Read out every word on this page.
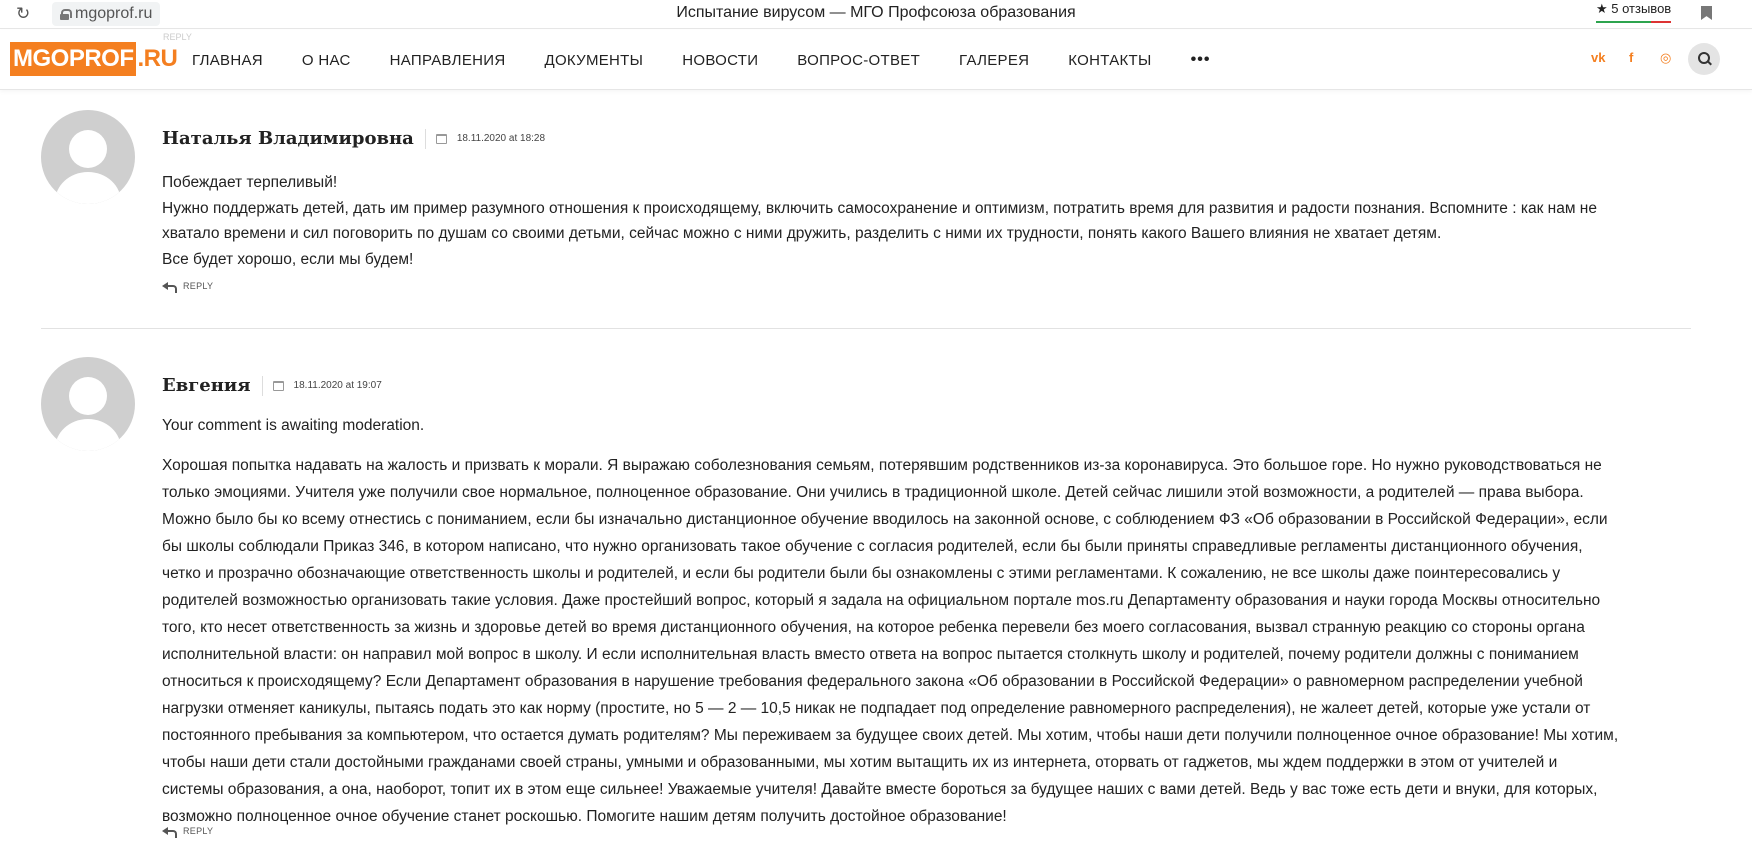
↻	mgoprof.ru	Испытание вирусом — МГО Профсоюза образования	★ 5 отзывов
REPLY
MGOPROF .RU ГЛАВНАЯ	О НАС	НАПРАВЛЕНИЯ	ДОКУМЕНТЫ	НОВОСТИ	ВОПРОС-ОТВЕТ	ГАЛЕРЕЯ	КОНТАКТЫ •••	vk f ◎
Наталья Владимировна	18.11.2020 at 18:28

Побеждает терпеливый!

Нужно поддержать детей, дать им пример разумного отношения к происходящему, включить самосохранение и оптимизм, потратить время для развития и радости познания. Вспомните : как нам не

хватало времени и сил поговорить по душам со своими детьми, сейчас можно с ними дружить, разделить с ними их трудности, понять какого Вашего влияния не хватает детям.

Все будет хорошо, если мы будем!

REPLY
Евгения	18.11.2020 at 19:07
Your comment is awaiting moderation.

Хорошая попытка надавать на жалость и призвать к морали. Я выражаю соболезнования семьям, потерявшим родственников из-за коронавируса. Это большое горе. Но нужно руководствоваться не

только эмоциями. Учителя уже получили свое нормальное, полноценное образование. Они учились в традиционной школе. Детей сейчас лишили этой возможности, а родителей — права выбора.

Можно было бы ко всему отнестись с пониманием, если бы изначально дистанционное обучение вводилось на законной основе, с соблюдением ФЗ «Об образовании в Российской Федерации», если

бы школы соблюдали Приказ 346, в котором написано, что нужно организовать такое обучение с согласия родителей, если бы были приняты справедливые регламенты дистанционного обучения,

четко и прозрачно обозначающие ответственность школы и родителей, и если бы родители были бы ознакомлены с этими регламентами. К сожалению, не все школы даже поинтересовались у

родителей возможностью организовать такие условия. Даже простейший вопрос, который я задала на официальном портале mos.ru Департаменту образования и науки города Москвы относительно

того, кто несет ответственность за жизнь и здоровье детей во время дистанционного обучения, на которое ребенка перевели без моего согласования, вызвал странную реакцию со стороны органа

исполнительной власти: он направил мой вопрос в школу. И если исполнительная власть вместо ответа на вопрос пытается столкнуть школу и родителей, почему родители должны с пониманием

относиться к происходящему? Если Департамент образования в нарушение требования федерального закона «Об образовании в Российской Федерации» о равномерном распределении учебной

нагрузки отменяет каникулы, пытаясь подать это как норму (простите, но 5 — 2 — 10,5 никак не подпадает под определение равномерного распределения), не жалеет детей, которые уже устали от

постоянного пребывания за компьютером, что остается думать родителям? Мы переживаем за будущее своих детей. Мы хотим, чтобы наши дети получили полноценное очное образование! Мы хотим,

чтобы наши дети стали достойными гражданами своей страны, умными и образованными, мы хотим вытащить их из интернета, оторвать от гаджетов, мы ждем поддержки в этом от учителей и

системы образования, а она, наоборот, топит их в этом еще сильнее! Уважаемые учителя! Давайте вместе бороться за будущее наших с вами детей. Ведь у вас тоже есть дети и внуки, для которых,

возможно полноценное очное обучение станет роскошью. Помогите нашим детям получить достойное образование!

REPLY
